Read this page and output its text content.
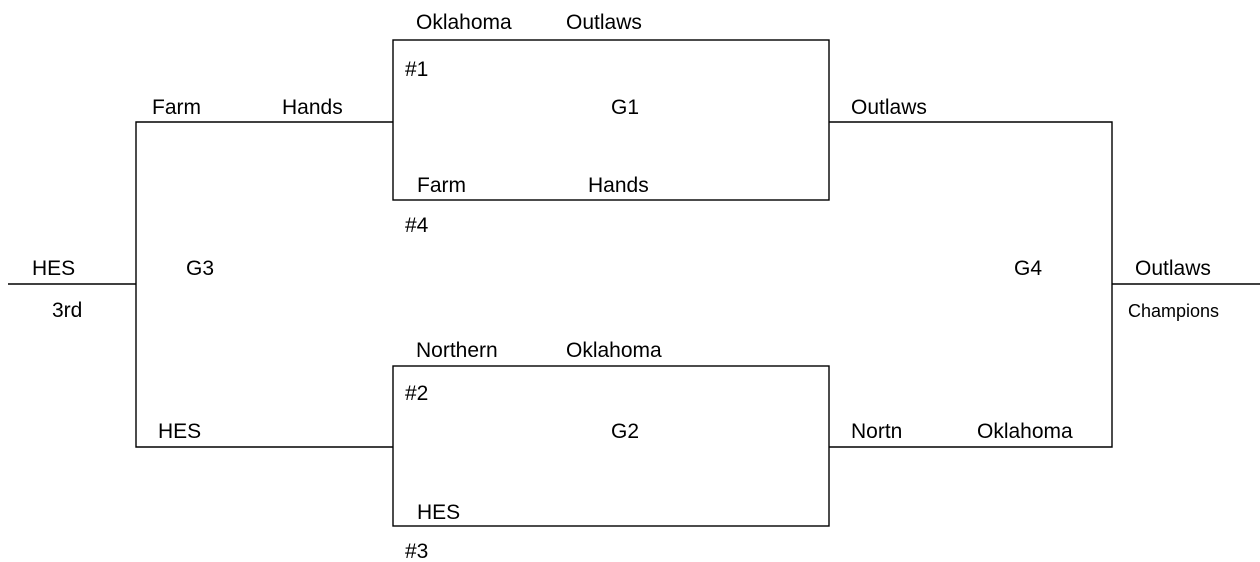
Oklahoma	Outlaws
#1
G1
Farm	Hands
#4
Outlaws
Farm	Hands
G3
HES
HES
3rd
Northern	Oklahoma
#2
G2
HES
#3
Nortn	Oklahoma
G4	Outlaws
Champions
